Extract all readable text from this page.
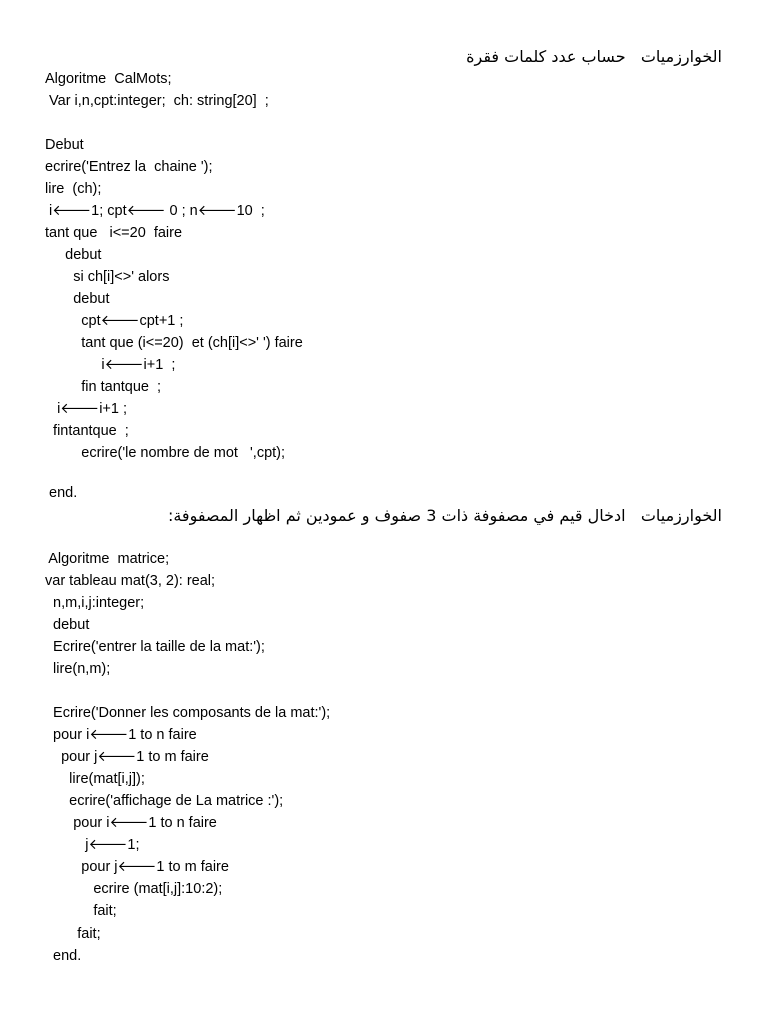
الخوارزميات   حساب عدد كلمات فقرة
Algoritme  CalMots;
Var i,n,cpt:integer;  ch: string[20]  ;
Debut
ecrire('Entrez la  chaine ');
lire  (ch);
i🡐1; cpt🡐 0 ; n🡐10  ;
tant que   i<=20  faire
debut
si ch[i]<>' alors
debut
cpt🡐cpt+1 ;
tant que (i<=20)  et (ch[i]<>' ') faire
i🡐i+1  ;
fin tantque  ;
i🡐i+1 ;
fintantque  ;
ecrire('le nombre de mot   ',cpt);
end.
الخوارزميات   ادخال قيم في مصفوفة ذات 3 صفوف و عمودين ثم اظهار المصفوفة:
Algoritme  matrice;
var tableau mat(3, 2): real;
n,m,i,j:integer;
debut
Ecrire('entrer la taille de la mat:');
lire(n,m);
Ecrire('Donner les composants de la mat:');
pour i🡐1 to n faire
pour j🡐1 to m faire
lire(mat[i,j]);
ecrire('affichage de La matrice :');
pour i🡐1 to n faire
j🡐1;
pour j🡐1 to m faire
ecrire (mat[i,j]:10:2);
fait;
fait;
end.
